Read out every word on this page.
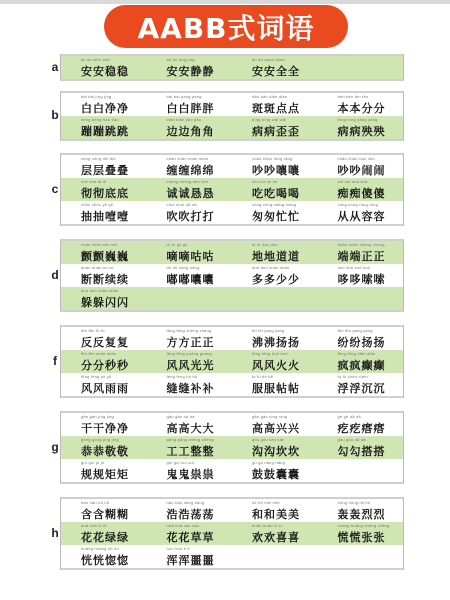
AABB式词语
a
ān ān wěn wěn
安安稳稳
ān ān jìng jìng
安安静静
ān ān quán quán
安安全全
b
bái bái jìng jìng
白白净净
bái bái pàng pàng
白白胖胖
bān bān diǎn diǎn
斑斑点点
běn běn fèn fèn
本本分分
bèng bèng tiào tiào
蹦蹦跳跳
biān biān jiǎo jiǎo
边边角角
bìng bìng wāi wāi
病病歪歪
bìng bìng yāng yāng
病病殃殃
c
céng céng dié dié
层层叠叠
chán chán mián mián
缠缠绵绵
chǎo chǎo rǎng rǎng
吵吵嚷嚷
chǎo chǎo nào nào
吵吵闹闹
chè chè dǐ dǐ
彻彻底底
chéng chéng kěn kěn
诚诚恳恳
chī chī hē hē
吃吃喝喝
chī chī shǎ shǎ
痴痴傻傻
chōu chōu yē yē
抽抽噎噎
chuī chuī dǎ dǎ
吹吹打打
cōng cōng máng máng
匆匆忙忙
cóng cóng róng róng
从从容容
d
chàn chàn wēi wēi
颤颤巍巍
dí dí gū gū
嘀嘀咕咕
dì dì dào dào
地地道道
duān duān zhèng zhèng
端端正正
duàn duàn xù xù
断断续续
dū dū nāng nāng
嘟嘟囔囔
duō duō shǎo shǎo
多多少少
duō duō suō suō
哆哆嗦嗦
duǒ duǒ shǎn shǎn
躲躲闪闪
f
fǎn fǎn fù fù
反反复复
fāng fāng zhèng zhèng
方方正正
fèi fèi yáng yáng
沸沸扬扬
fēn fēn yáng yáng
纷纷扬扬
fēn fēn miǎo miǎo
分分秒秒
fēng fēng guāng guāng
风风光光
fēng fēng huǒ huǒ
风风火火
fēng fēng diān diān
疯疯癫癫
fēng fēng yǔ yǔ
风风雨雨
féng féng bǔ bǔ
缝缝补补
fú fú tiē tiē
服服帖帖
fú fú chén chén
浮浮沉沉
g
gān gān jìng jìng
干干净净
gāo gāo dà dà
高高大大
gāo gāo xìng xìng
高高兴兴
gē gē dā dā
疙疙瘩瘩
gōng gōng jìng jìng
恭恭敬敬
gōng gōng zhěng zhěng
工工整整
gōu gōu kǎn kǎn
沟沟坎坎
gōu gōu dā dā
勾勾搭搭
guī guī jǔ jǔ
规规矩矩
guǐ guǐ suì suì
鬼鬼祟祟
gǔ gǔ nāng nāng
鼓鼓囊囊
h
hán hán hū hū
含含糊糊
hào hào dàng dàng
浩浩荡荡
hé hé měi měi
和和美美
hōng hōng liè liè
轰轰烈烈
huā huā lǜ lǜ
花花绿绿
huā huā cǎo cǎo
花花草草
huān huān xǐ xǐ
欢欢喜喜
huāng huāng zhāng zhāng
慌慌张张
huǎng huǎng hū hū
恍恍惚惚
hún hún è è
浑浑噩噩
